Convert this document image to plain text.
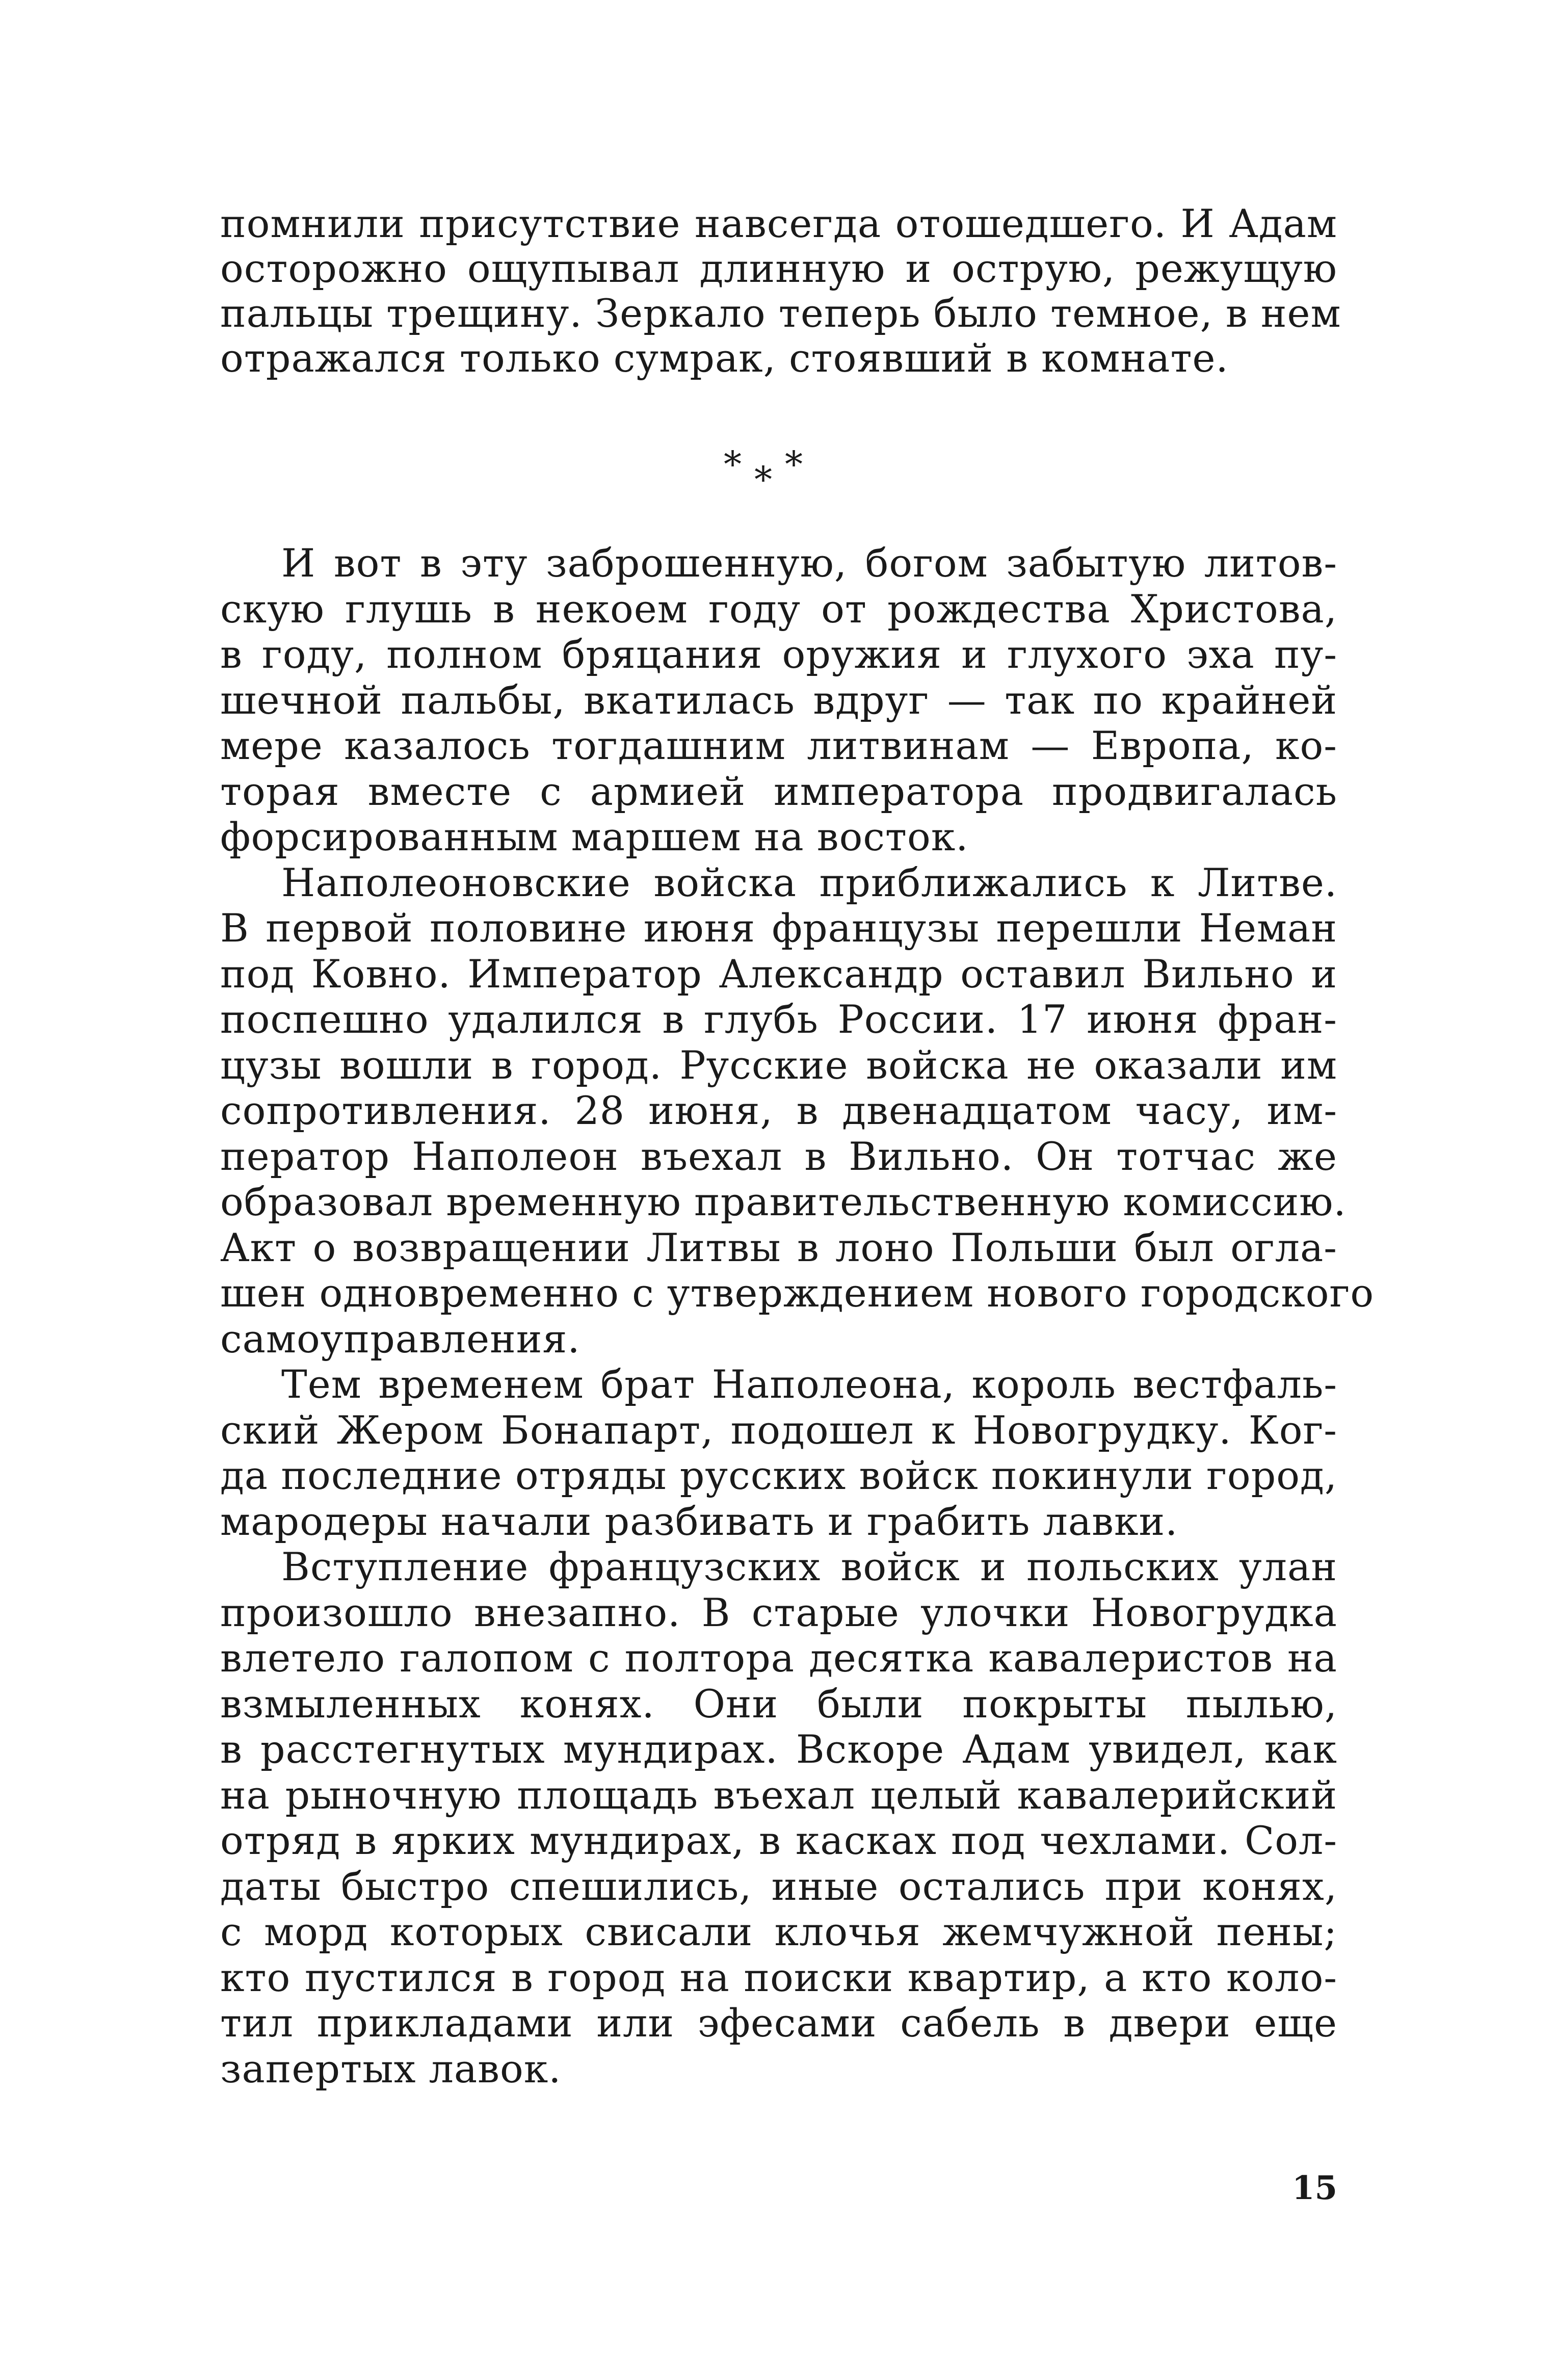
помнили присутствие навсегда отошедшего. И Адам
осторожно ощупывал длинную и острую, режущую
пальцы трещину. Зеркало теперь было темное, в нем
отражался только сумрак, стоявший в комнате.
* * *
И вот в эту заброшенную, богом забытую литов-
скую глушь в некоем году от рождества Христова,
в году, полном бряцания оружия и глухого эха пу-
шечной пальбы, вкатилась вдруг — так по крайней
мере казалось тогдашним литвинам — Европа, ко-
торая вместе с армией императора продвигалась
форсированным маршем на восток.
Наполеоновские войска приближались к Литве.
В первой половине июня французы перешли Неман
под Ковно. Император Александр оставил Вильно и
поспешно удалился в глубь России. 17 июня фран-
цузы вошли в город. Русские войска не оказали им
сопротивления. 28 июня, в двенадцатом часу, им-
ператор Наполеон въехал в Вильно. Он тотчас же
образовал временную правительственную комиссию.
Акт о возвращении Литвы в лоно Польши был огла-
шен одновременно с утверждением нового городского
самоуправления.
Тем временем брат Наполеона, король вестфаль-
ский Жером Бонапарт, подошел к Новогрудку. Ког-
да последние отряды русских войск покинули город,
мародеры начали разбивать и грабить лавки.
Вступление французских войск и польских улан
произошло внезапно. В старые улочки Новогрудка
влетело галопом с полтора десятка кавалеристов на
взмыленных конях. Они были покрыты пылью,
в расстегнутых мундирах. Вскоре Адам увидел, как
на рыночную площадь въехал целый кавалерийский
отряд в ярких мундирах, в касках под чехлами. Сол-
даты быстро спешились, иные остались при конях,
с морд которых свисали клочья жемчужной пены;
кто пустился в город на поиски квартир, а кто коло-
тил прикладами или эфесами сабель в двери еще
запертых лавок.
15
